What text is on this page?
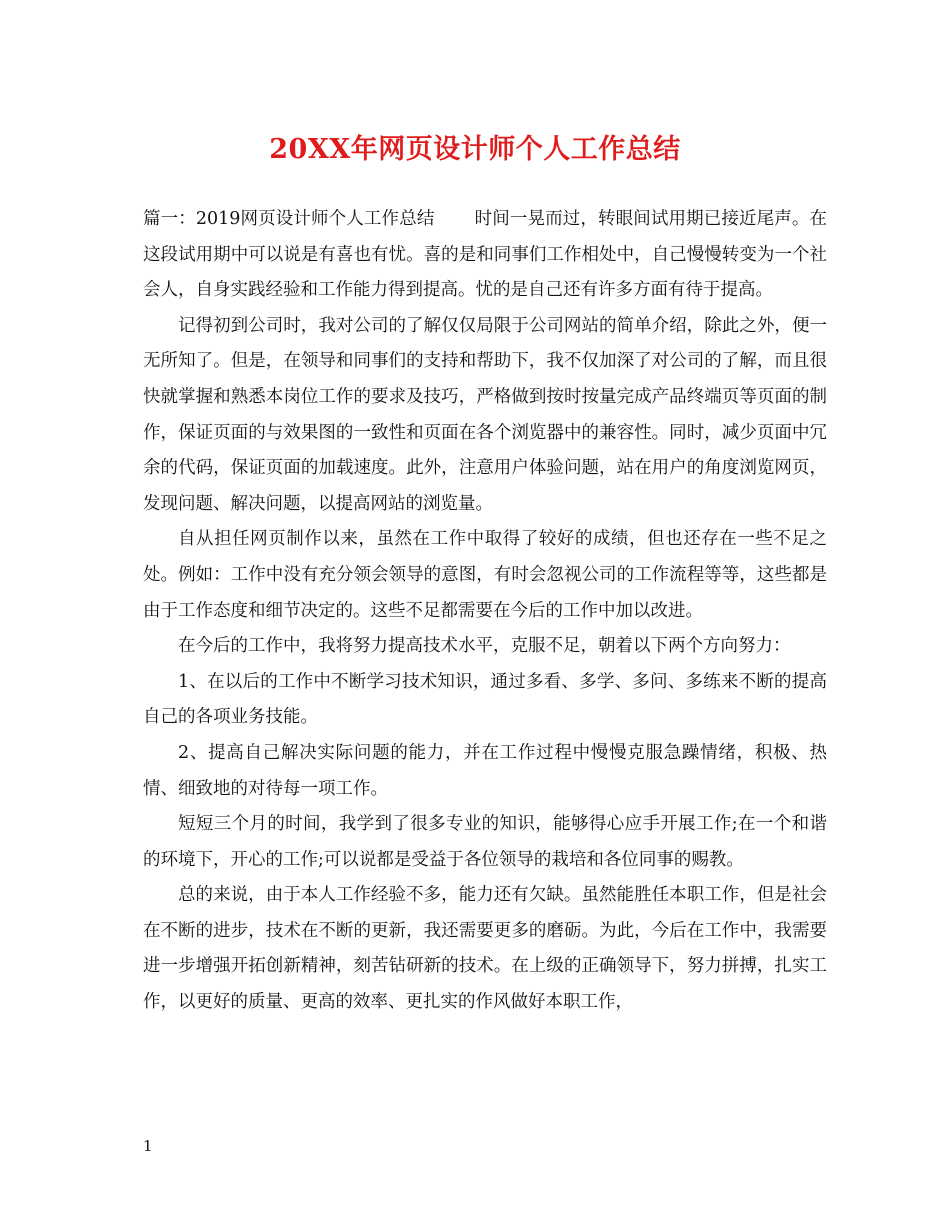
20XX年网页设计师个人工作总结

篇一：2019网页设计师个人工作总结 时间一晃而过，转眼间试用期已接近尾声。在这段试用期中可以说是有喜也有忧。喜的是和同事们工作相处中，自己慢慢转变为一个社会人，自身实践经验和工作能力得到提高。忧的是自己还有许多方面有待于提高。

记得初到公司时，我对公司的了解仅仅局限于公司网站的简单介绍，除此之外，便一无所知了。但是，在领导和同事们的支持和帮助下，我不仅加深了对公司的了解，而且很快就掌握和熟悉本岗位工作的要求及技巧，严格做到按时按量完成产品终端页等页面的制作，保证页面的与效果图的一致性和页面在各个浏览器中的兼容性。同时，减少页面中冗余的代码，保证页面的加载速度。此外，注意用户体验问题，站在用户的角度浏览网页，发现问题、解决问题，以提高网站的浏览量。

自从担任网页制作以来，虽然在工作中取得了较好的成绩，但也还存在一些不足之处。例如：工作中没有充分领会领导的意图，有时会忽视公司的工作流程等等，这些都是由于工作态度和细节决定的。这些不足都需要在今后的工作中加以改进。

在今后的工作中，我将努力提高技术水平，克服不足，朝着以下两个方向努力：

1、在以后的工作中不断学习技术知识，通过多看、多学、多问、多练来不断的提高自己的各项业务技能。

2、提高自己解决实际问题的能力，并在工作过程中慢慢克服急躁情绪，积极、热情、细致地的对待每一项工作。

短短三个月的时间，我学到了很多专业的知识，能够得心应手开展工作;在一个和谐的环境下，开心的工作;可以说都是受益于各位领导的栽培和各位同事的赐教。

总的来说，由于本人工作经验不多，能力还有欠缺。虽然能胜任本职工作，但是社会在不断的进步，技术在不断的更新，我还需要更多的磨砺。为此，今后在工作中，我需要进一步增强开拓创新精神，刻苦钻研新的技术。在上级的正确领导下，努力拼搏，扎实工作，以更好的质量、更高的效率、更扎实的作风做好本职工作，

1
